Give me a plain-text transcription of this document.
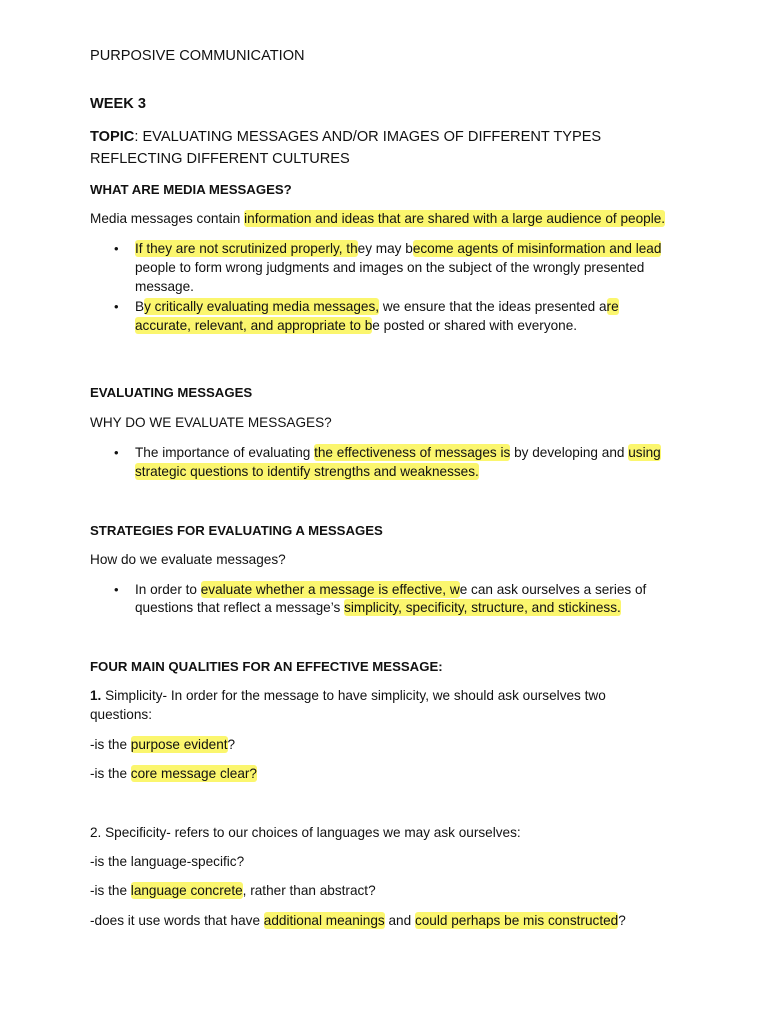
PURPOSIVE COMMUNICATION
WEEK 3
TOPIC: EVALUATING MESSAGES AND/OR IMAGES OF DIFFERENT TYPES
REFLECTING DIFFERENT CULTURES
WHAT ARE MEDIA MESSAGES?
Media messages contain information and ideas that are shared with a large audience of people.
• If they are not scrutinized properly, they may become agents of misinformation and lead
people to form wrong judgments and images on the subject of the wrongly presented
message.
• By critically evaluating media messages, we ensure that the ideas presented are
accurate, relevant, and appropriate to be posted or shared with everyone.
EVALUATING MESSAGES
WHY DO WE EVALUATE MESSAGES?
• The importance of evaluating the effectiveness of messages is by developing and using
strategic questions to identify strengths and weaknesses.
STRATEGIES FOR EVALUATING A MESSAGES
How do we evaluate messages?
• In order to evaluate whether a message is effective, we can ask ourselves a series of
questions that reflect a message’s simplicity, specificity, structure, and stickiness.
FOUR MAIN QUALITIES FOR AN EFFECTIVE MESSAGE:
1. Simplicity- In order for the message to have simplicity, we should ask ourselves two
questions:
-is the purpose evident?
-is the core message clear?
2. Specificity- refers to our choices of languages we may ask ourselves:
-is the language-specific?
-is the language concrete, rather than abstract?
-does it use words that have additional meanings and could perhaps be mis constructed?
